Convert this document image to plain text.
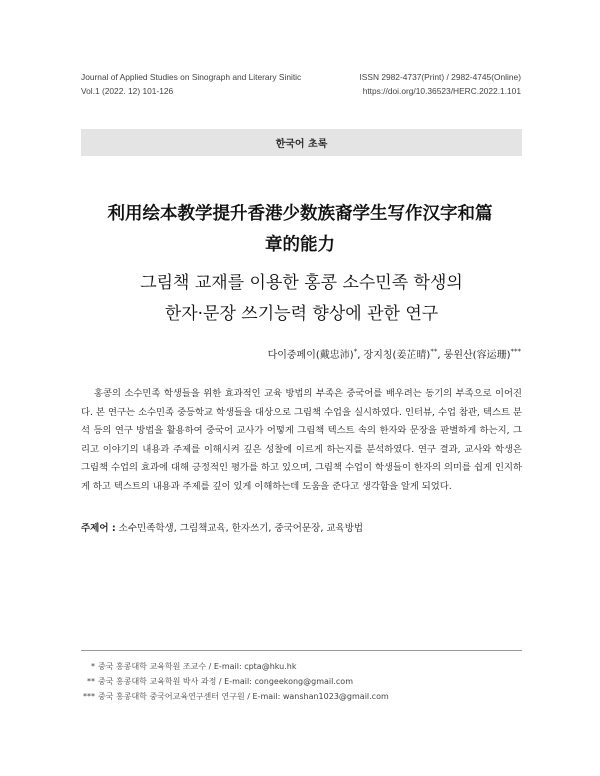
Journal of Applied Studies on Sinograph and Literary Sinitic
Vol.1 (2022. 12) 101-126
ISSN 2982-4737(Print) / 2982-4745(Online)
https://doi.org/10.36523/HERC.2022.1.101
한국어 초록
利用绘本教学提升香港少数族裔学生写作汉字和篇
章的能力
그림책 교재를 이용한 홍콩 소수민족 학생의
한자·문장 쓰기능력 향상에 관한 연구
다이중페이(戴忠沛)*, 장지칭(姜芷晴)**, 룽윈산(容运珊)***

홍콩의 소수민족 학생들을 위한 효과적인 교육 방법의 부족은 중국어를 배우려는 동기의 부족으로 이어진다. 본 연구는 소수민족 중등학교 학생들을 대상으로 그림책 수업을 실시하였다. 인터뷰, 수업 참관, 텍스트 분석 등의 연구 방법을 활용하여 중국어 교사가 어떻게 그림책 텍스트 속의 한자와 문장을 판별하게 하는지, 그리고 이야기의 내용과 주제를 이해시켜 깊은 성찰에 이르게 하는지를 분석하였다. 연구 결과, 교사와 학생은 그림책 수업의 효과에 대해 긍정적인 평가를 하고 있으며, 그림책 수업이 학생들이 한자의 의미를 쉽게 인지하게 하고 텍스트의 내용과 주제를 깊이 있게 이해하는데 도움을 준다고 생각함을 알게 되었다.

주제어 : 소수민족학생, 그림책교육, 한자쓰기, 중국어문장, 교육방법
* 중국 홍콩대학 교육학원 조교수 / E-mail: cpta@hku.hk
** 중국 홍콩대학 교육학원 박사 과정 / E-mail: congeekong@gmail.com
*** 중국 홍콩대학 중국어교육연구센터 연구원 / E-mail: wanshan1023@gmail.com
